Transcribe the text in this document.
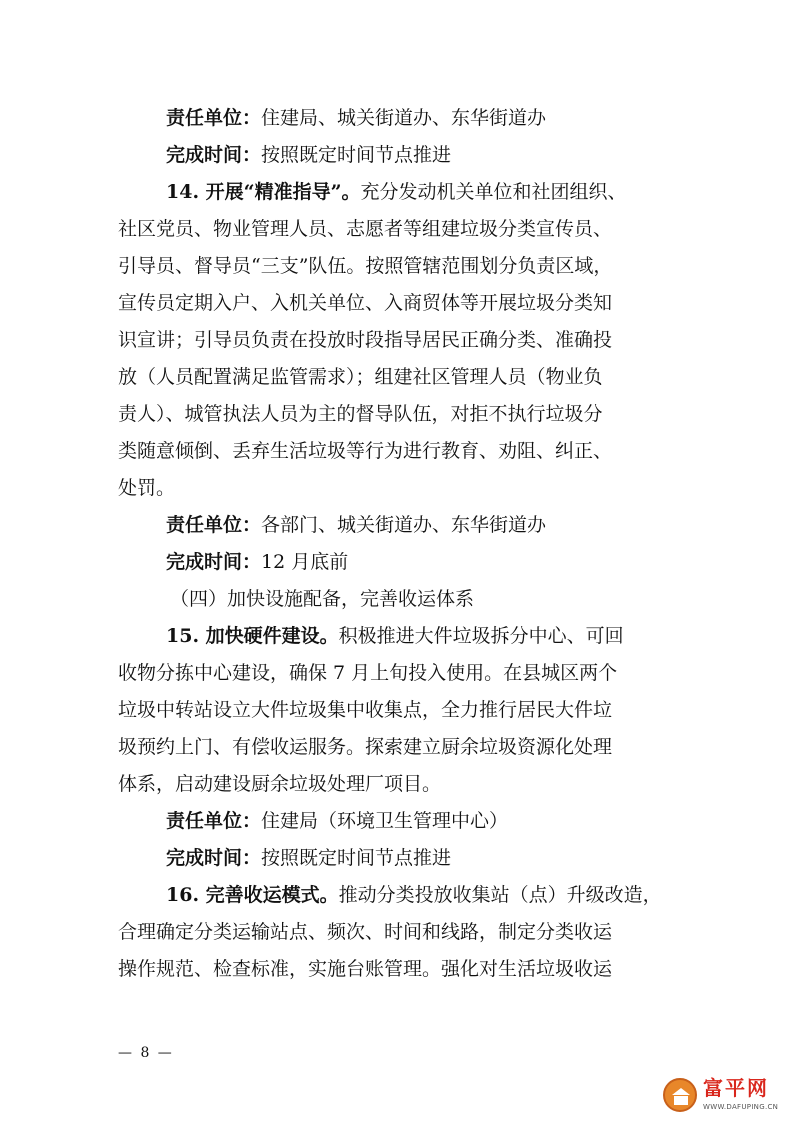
责任单位：住建局、城关街道办、东华街道办
完成时间：按照既定时间节点推进
14. 开展“精准指导”。充分发动机关单位和社团组织、
社区党员、物业管理人员、志愿者等组建垃圾分类宣传员、
引导员、督导员“三支”队伍。按照管辖范围划分负责区域，
宣传员定期入户、入机关单位、入商贸体等开展垃圾分类知
识宣讲；引导员负责在投放时段指导居民正确分类、准确投
放（人员配置满足监管需求）；组建社区管理人员（物业负
责人）、城管执法人员为主的督导队伍，对拒不执行垃圾分
类随意倾倒、丢弃生活垃圾等行为进行教育、劝阻、纠正、
处罚。
责任单位：各部门、城关街道办、东华街道办
完成时间：12 月底前
（四）加快设施配备，完善收运体系
15. 加快硬件建设。积极推进大件垃圾拆分中心、可回
收物分拣中心建设，确保 7 月上旬投入使用。在县城区两个
垃圾中转站设立大件垃圾集中收集点，全力推行居民大件垃
圾预约上门、有偿收运服务。探索建立厨余垃圾资源化处理
体系，启动建设厨余垃圾处理厂项目。
责任单位：住建局（环境卫生管理中心）
完成时间：按照既定时间节点推进
16. 完善收运模式。推动分类投放收集站（点）升级改造，
合理确定分类运输站点、频次、时间和线路，制定分类收运
操作规范、检查标准，实施台账管理。强化对生活垃圾收运
— 8 —
富平网
WWW.DAFUPING.CN
